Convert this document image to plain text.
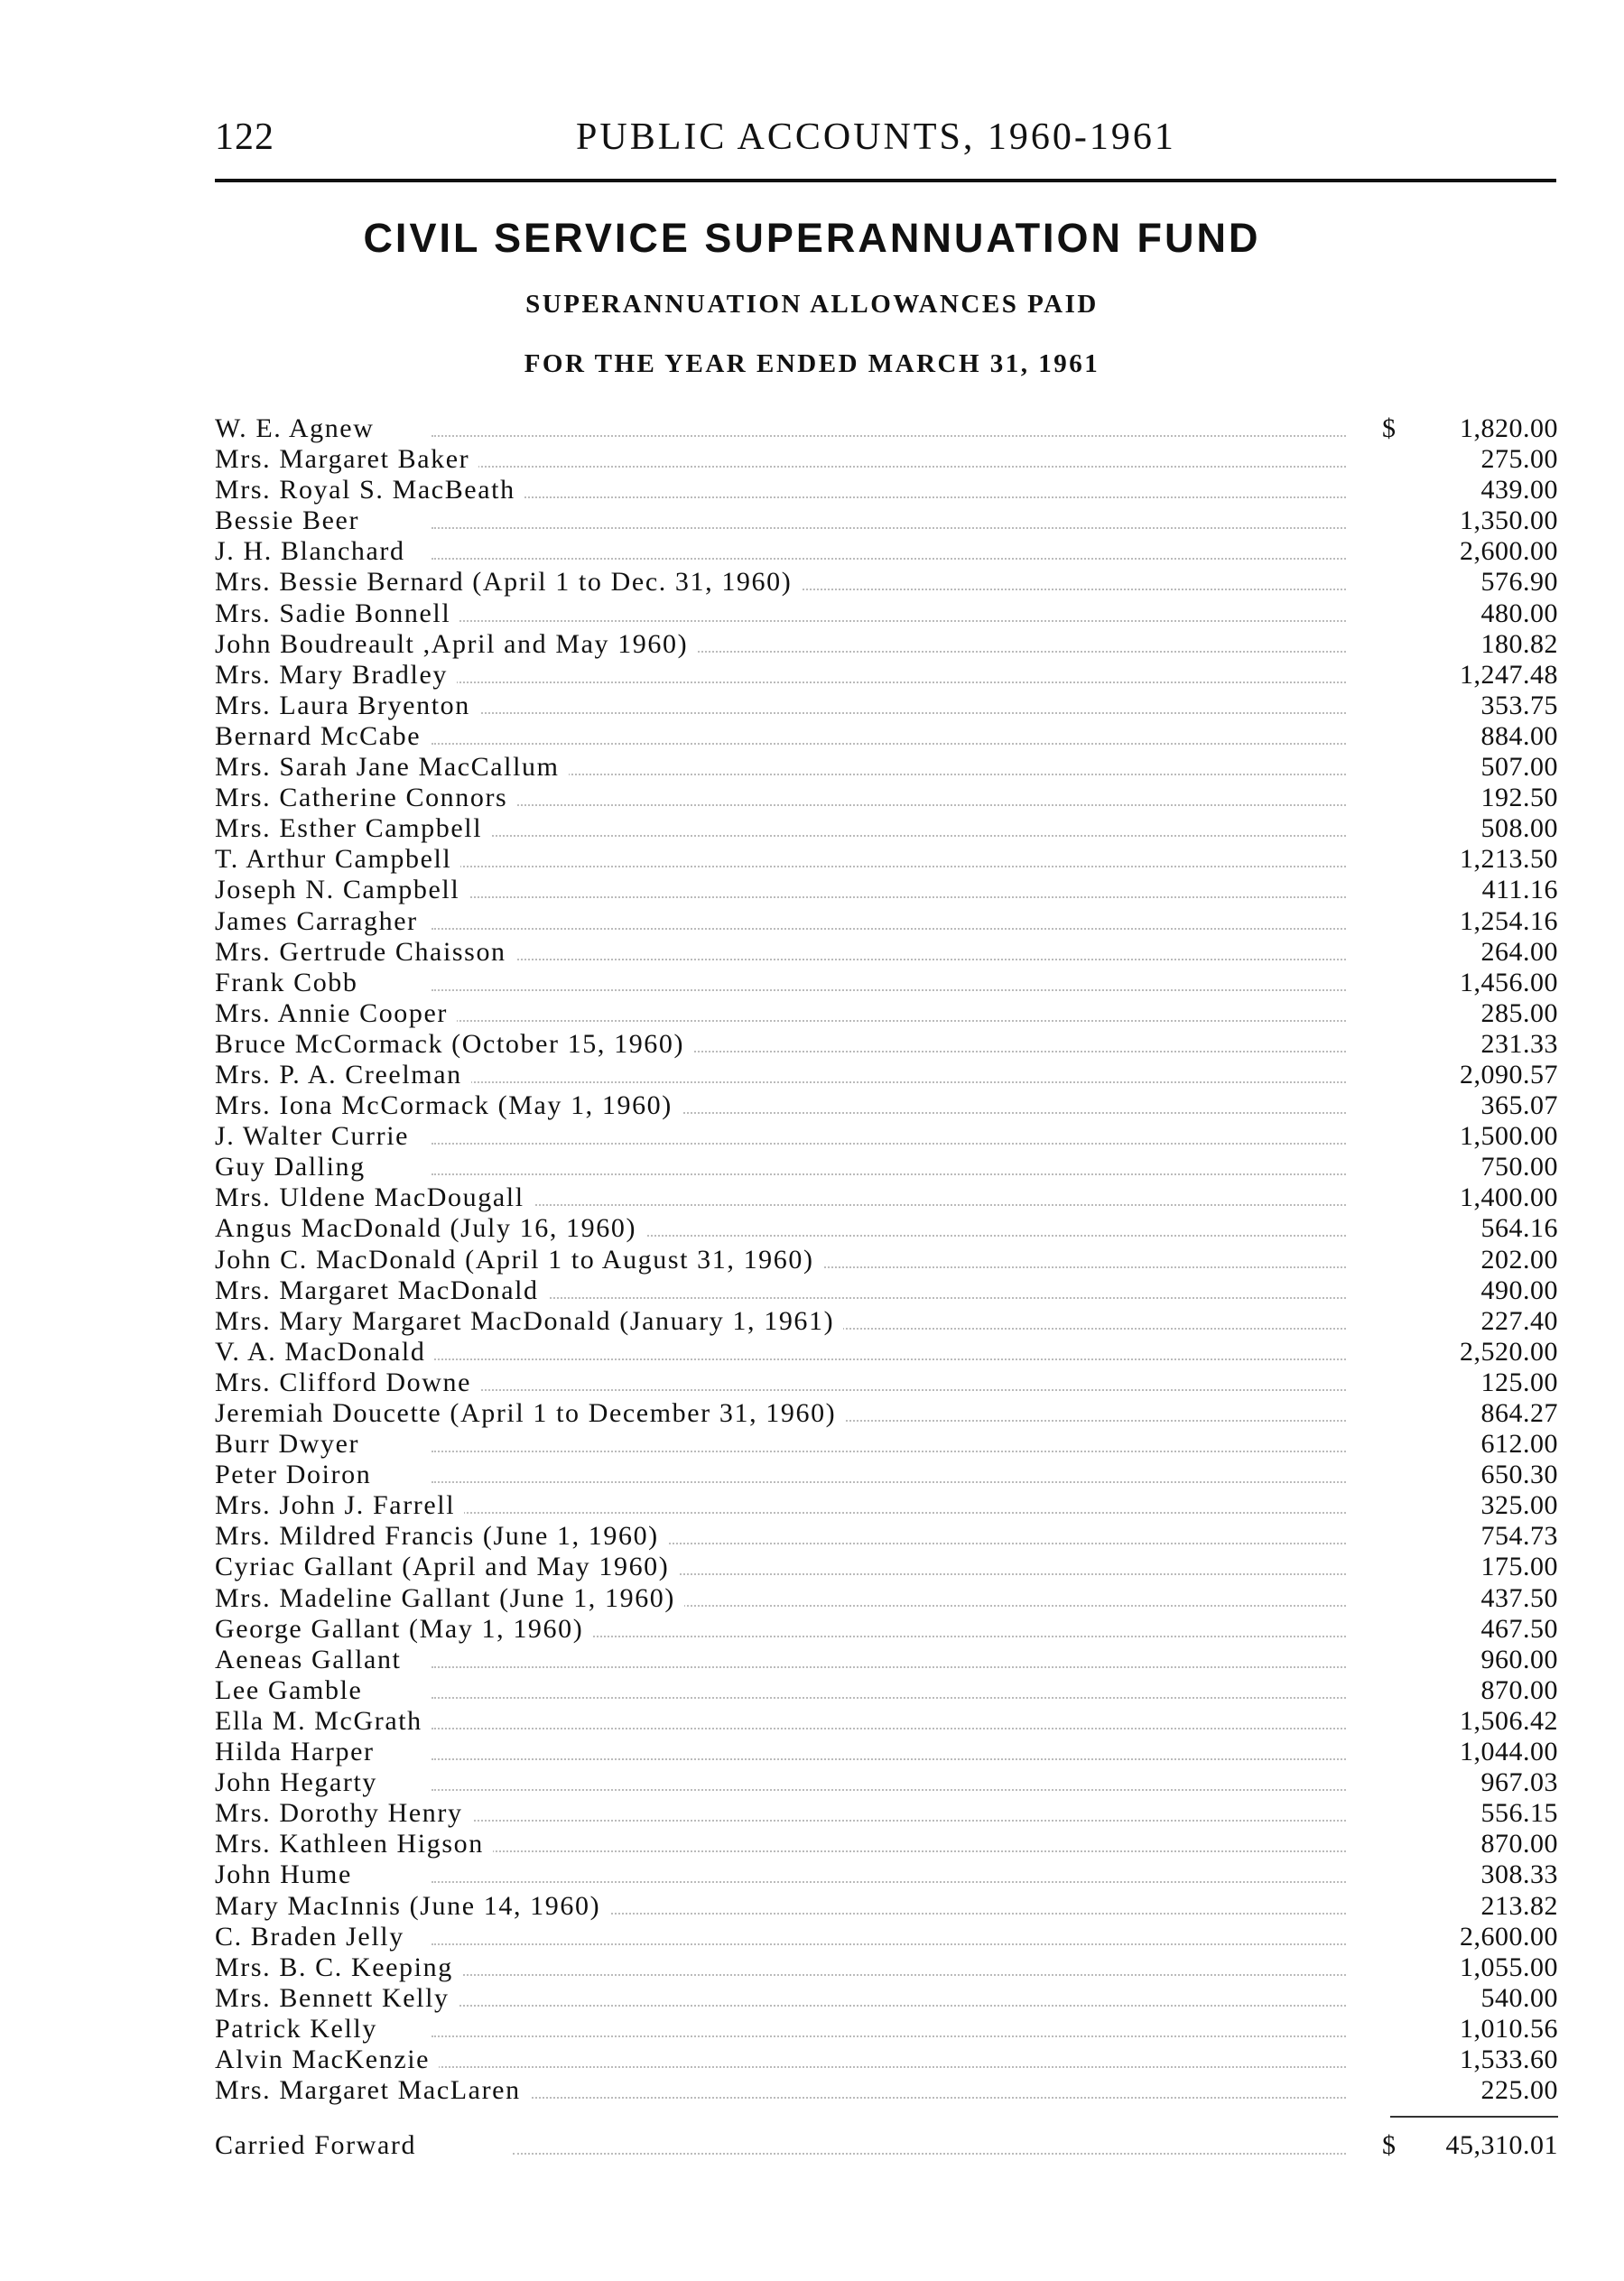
122	PUBLIC ACCOUNTS, 1960-1961
CIVIL SERVICE SUPERANNUATION FUND
SUPERANNUATION ALLOWANCES PAID
FOR THE YEAR ENDED MARCH 31, 1961
W. E. Agnew	$ 1,820.00
Mrs. Margaret Baker	275.00
Mrs. Royal S. MacBeath	439.00
Bessie Beer	1,350.00
J. H. Blanchard	2,600.00
Mrs. Bessie Bernard (April 1 to Dec. 31, 1960)	576.90
Mrs. Sadie Bonnell	480.00
John Boudreault ,April and May 1960)	180.82
Mrs. Mary Bradley	1,247.48
Mrs. Laura Bryenton	353.75
Bernard McCabe	884.00
Mrs. Sarah Jane MacCallum	507.00
Mrs. Catherine Connors	192.50
Mrs. Esther Campbell	508.00
T. Arthur Campbell	1,213.50
Joseph N. Campbell	411.16
James Carragher	1,254.16
Mrs. Gertrude Chaisson	264.00
Frank Cobb	1,456.00
Mrs. Annie Cooper	285.00
Bruce McCormack (October 15, 1960)	231.33
Mrs. P. A. Creelman	2,090.57
Mrs. Iona McCormack (May 1, 1960)	365.07
J. Walter Currie	1,500.00
Guy Dalling	750.00
Mrs. Uldene MacDougall	1,400.00
Angus MacDonald (July 16, 1960)	564.16
John C. MacDonald (April 1 to August 31, 1960)	202.00
Mrs. Margaret MacDonald	490.00
Mrs. Mary Margaret MacDonald (January 1, 1961)	227.40
V. A. MacDonald	2,520.00
Mrs. Clifford Downe	125.00
Jeremiah Doucette (April 1 to December 31, 1960)	864.27
Burr Dwyer	612.00
Peter Doiron	650.30
Mrs. John J. Farrell	325.00
Mrs. Mildred Francis (June 1, 1960)	754.73
Cyriac Gallant (April and May 1960)	175.00
Mrs. Madeline Gallant (June 1, 1960)	437.50
George Gallant (May 1, 1960)	467.50
Aeneas Gallant	960.00
Lee Gamble	870.00
Ella M. McGrath	1,506.42
Hilda Harper	1,044.00
John Hegarty	967.03
Mrs. Dorothy Henry	556.15
Mrs. Kathleen Higson	870.00
John Hume	308.33
Mary MacInnis (June 14, 1960)	213.82
C. Braden Jelly	2,600.00
Mrs. B. C. Keeping	1,055.00
Mrs. Bennett Kelly	540.00
Patrick Kelly	1,010.56
Alvin MacKenzie	1,533.60
Mrs. Margaret MacLaren	225.00
Carried Forward	$ 45,310.01
